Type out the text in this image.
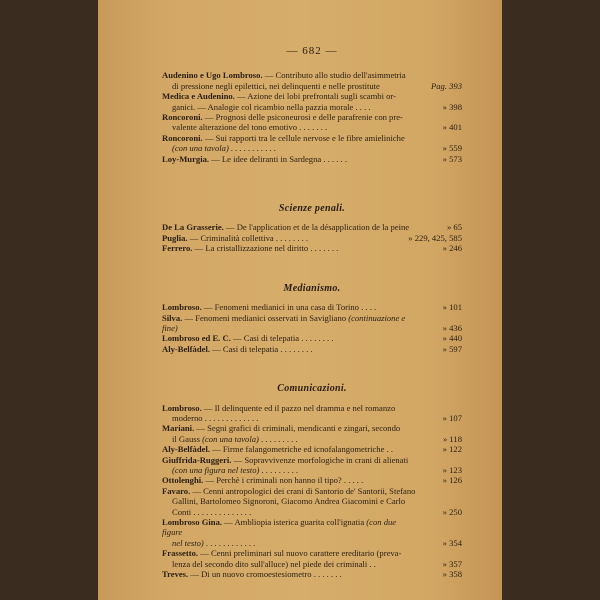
— 682 —
Audenino e Ugo Lombroso. — Contributo allo studio dell'asimmetria
di pressione negli epilettici, nei delinquenti e nelle prostitute	Pag. 393
Medica e Audenino. — Azione dei lobi prefrontali sugli scambi or-
ganici. — Analogie col ricambio nella pazzia morale . . . .	» 398
Roncoroni. — Prognosi delle psiconeurosi e delle parafrenie con pre-
valente alterazione del tono emotivo . . . . . . .	» 401
Roncoroni. — Sui rapporti tra le cellule nervose e le fibre amieliniche
(con una tavola) . . . . . . . . . . .	» 559
Loy-Murgia. — Le idee deliranti in Sardegna . . . . . .	» 573
Scienze penali.
De La Grasserie. — De l'application et de la désapplication de la peine	» 65
Puglia. — Criminalità collettiva . . . . . . . .	» 229, 425, 585
Ferrero. — La cristallizzazione nel diritto . . . . . . .	» 246
Medianismo.
Lombroso. — Fenomeni medianici in una casa di Torino . . . .	» 101
Silva. — Fenomeni medianici osservati in Savigliano (continuazione e fine)	» 436
Lombroso ed E. C. — Casi di telepatia . . . . . . . .	» 440
Aly-Belfàdel. — Casi di telepatia . . . . . . . .	» 597
Comunicazioni.
Lombroso. — Il delinquente ed il pazzo nel dramma e nel romanzo
moderno . . . . . . . . . . . . .	» 107
Mariani. — Segni grafici di criminali, mendicanti e zingari, secondo
il Gauss (con una tavola) . . . . . . . . .	» 118
Aly-Belfàdel. — Firme falangometriche ed icnofalangometriche . .	» 122
Giuffrida-Ruggeri. — Sopravvivenze morfologiche in crani di alienati
(con una figura nel testo) . . . . . . . . .	» 123
Ottolenghi. — Perchè i criminali non hanno il tipo? . . . . .	» 126
Favaro. — Cenni antropologici dei crani di Santorio de' Santorii, Stefano
Gallini, Bartolomeo Signoroni, Giacomo Andrea Giacomini e Carlo
Conti . . . . . . . . . . . . . .	» 250
Lombroso Gina. — Ambliopia isterica guarita coll'ignatia (con due figure
nel testo) . . . . . . . . . . . .	» 354
Frassetto. — Cenni preliminari sul nuovo carattere ereditario (preva-
lenza del secondo dito sull'alluce) nel piede dei criminali . .	» 357
Treves. — Di un nuovo cromoestesiometro . . . . . . .	» 358
